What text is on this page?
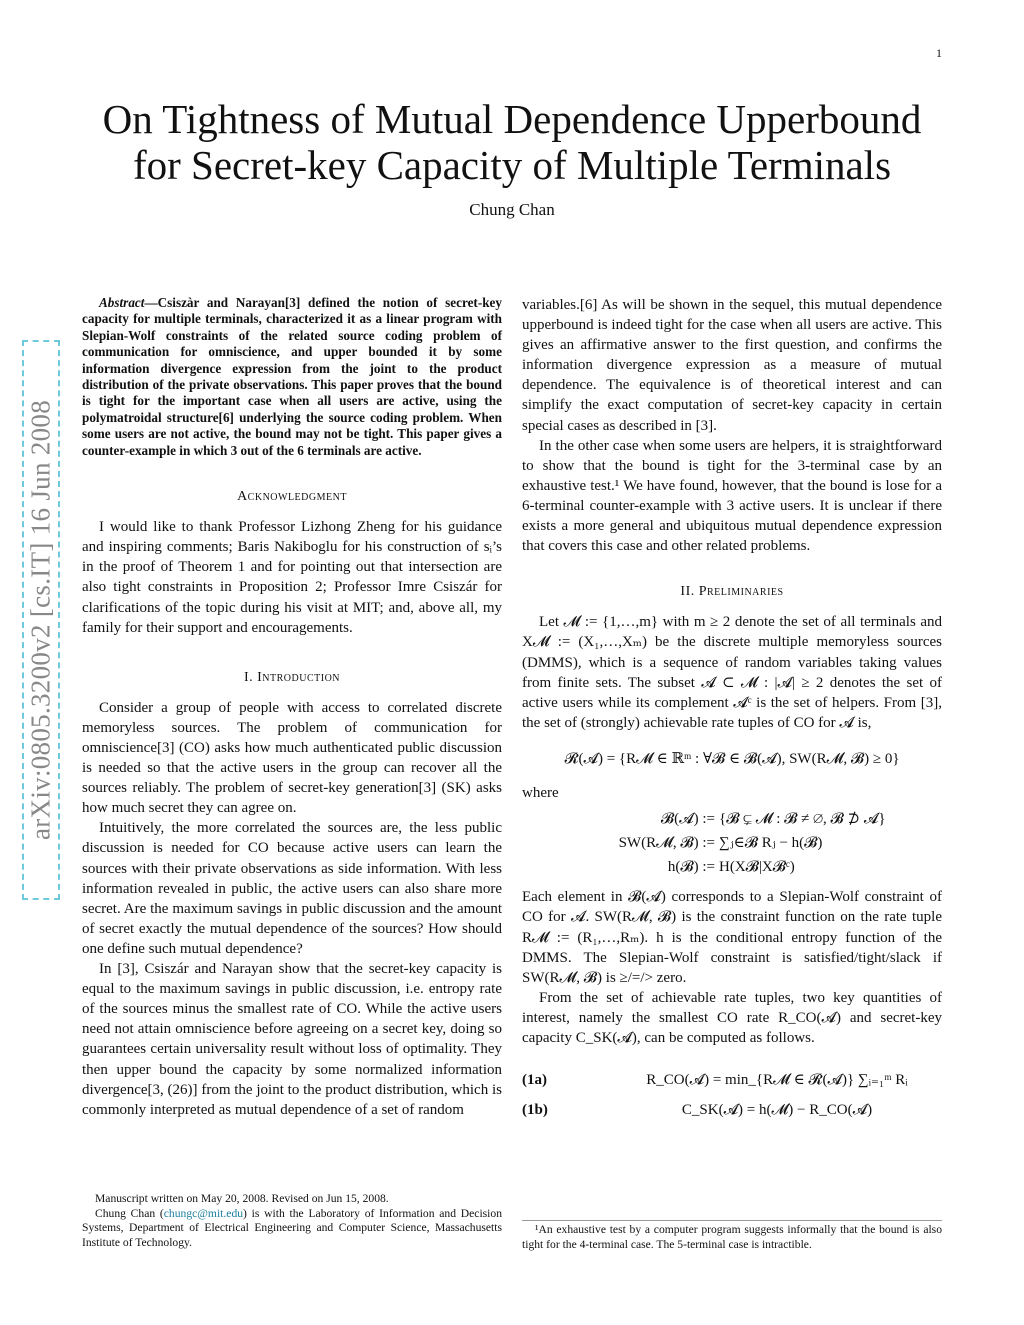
1
arXiv:0805.3200v2 [cs.IT] 16 Jun 2008
On Tightness of Mutual Dependence Upperbound
for Secret-key Capacity of Multiple Terminals
Chung Chan

Abstract—Csiszàr and Narayan[3] defined the notion of secret-key capacity for multiple terminals, characterized it as a linear program with Slepian-Wolf constraints of the related source coding problem of communication for omniscience, and upper bounded it by some information divergence expression from the joint to the product distribution of the private observations. This paper proves that the bound is tight for the important case when all users are active, using the polymatroidal structure[6] underlying the source coding problem. When some users are not active, the bound may not be tight. This paper gives a counter-example in which 3 out of the 6 terminals are active.

Acknowledgment

I would like to thank Professor Lizhong Zheng for his guidance and inspiring comments; Baris Nakiboglu for his construction of sᵢ’s in the proof of Theorem 1 and for pointing out that intersection are also tight constraints in Proposition 2; Professor Imre Csiszár for clarifications of the topic during his visit at MIT; and, above all, my family for their support and encouragements.

I. Introduction

Consider a group of people with access to correlated discrete memoryless sources. The problem of communication for omniscience[3] (CO) asks how much authenticated public discussion is needed so that the active users in the group can recover all the sources reliably. The problem of secret-key generation[3] (SK) asks how much secret they can agree on.

Intuitively, the more correlated the sources are, the less public discussion is needed for CO because active users can learn the sources with their private observations as side information. With less information revealed in public, the active users can also share more secret. Are the maximum savings in public discussion and the amount of secret exactly the mutual dependence of the sources? How should one define such mutual dependence?

In [3], Csiszár and Narayan show that the secret-key capacity is equal to the maximum savings in public discussion, i.e. entropy rate of the sources minus the smallest rate of CO. While the active users need not attain omniscience before agreeing on a secret key, doing so guarantees certain universality result without loss of optimality. They then upper bound the capacity by some normalized information divergence[3, (26)] from the joint to the product distribution, which is commonly interpreted as mutual dependence of a set of random

variables.[6] As will be shown in the sequel, this mutual dependence upperbound is indeed tight for the case when all users are active. This gives an affirmative answer to the first question, and confirms the information divergence expression as a measure of mutual dependence. The equivalence is of theoretical interest and can simplify the exact computation of secret-key capacity in certain special cases as described in [3].

In the other case when some users are helpers, it is straightforward to show that the bound is tight for the 3-terminal case by an exhaustive test.¹ We have found, however, that the bound is lose for a 6-terminal counter-example with 3 active users. It is unclear if there exists a more general and ubiquitous mutual dependence expression that covers this case and other related problems.

II. Preliminaries

Let 𝓜 := {1,…,m} with m ≥ 2 denote the set of all terminals and X𝓜 := (X₁,…,Xₘ) be the discrete multiple memoryless sources (DMMS), which is a sequence of random variables taking values from finite sets. The subset 𝓐 ⊂ 𝓜 : |𝓐| ≥ 2 denotes the set of active users while its complement 𝓐ᶜ is the set of helpers. From [3], the set of (strongly) achievable rate tuples of CO for 𝓐 is,

𝓡(𝓐) = {R𝓜 ∈ ℝᵐ : ∀𝓑 ∈ 𝓑(𝓐), SW(R𝓜, 𝓑) ≥ 0}

where

𝓑(𝓐) := {𝓑 ⊊ 𝓜 : 𝓑 ≠ ∅, 𝓑 ⊅ 𝓐}
SW(R𝓜, 𝓑) := ∑ⱼ∈𝓑 Rⱼ − h(𝓑)
h(𝓑) := H(X𝓑|X𝓑ᶜ)

Each element in 𝓑(𝓐) corresponds to a Slepian-Wolf constraint of CO for 𝓐. SW(R𝓜, 𝓑) is the constraint function on the rate tuple R𝓜 := (R₁,…,Rₘ). h is the conditional entropy function of the DMMS. The Slepian-Wolf constraint is satisfied/tight/slack if SW(R𝓜, 𝓑) is ≥/=/> zero.

From the set of achievable rate tuples, two key quantities of interest, namely the smallest CO rate R_CO(𝓐) and secret-key capacity C_SK(𝓐), can be computed as follows.

(1a)	R_CO(𝓐) = min_{R𝓜 ∈ 𝓡(𝓐)} ∑ᵢ₌₁ᵐ Rᵢ
(1b)	C_SK(𝓐) = h(𝓜) − R_CO(𝓐)

Manuscript written on May 20, 2008. Revised on Jun 15, 2008.

Chung Chan (chungc@mit.edu) is with the Laboratory of Information and Decision Systems, Department of Electrical Engineering and Computer Science, Massachusetts Institute of Technology.

¹An exhaustive test by a computer program suggests informally that the bound is also tight for the 4-terminal case. The 5-terminal case is intractible.
